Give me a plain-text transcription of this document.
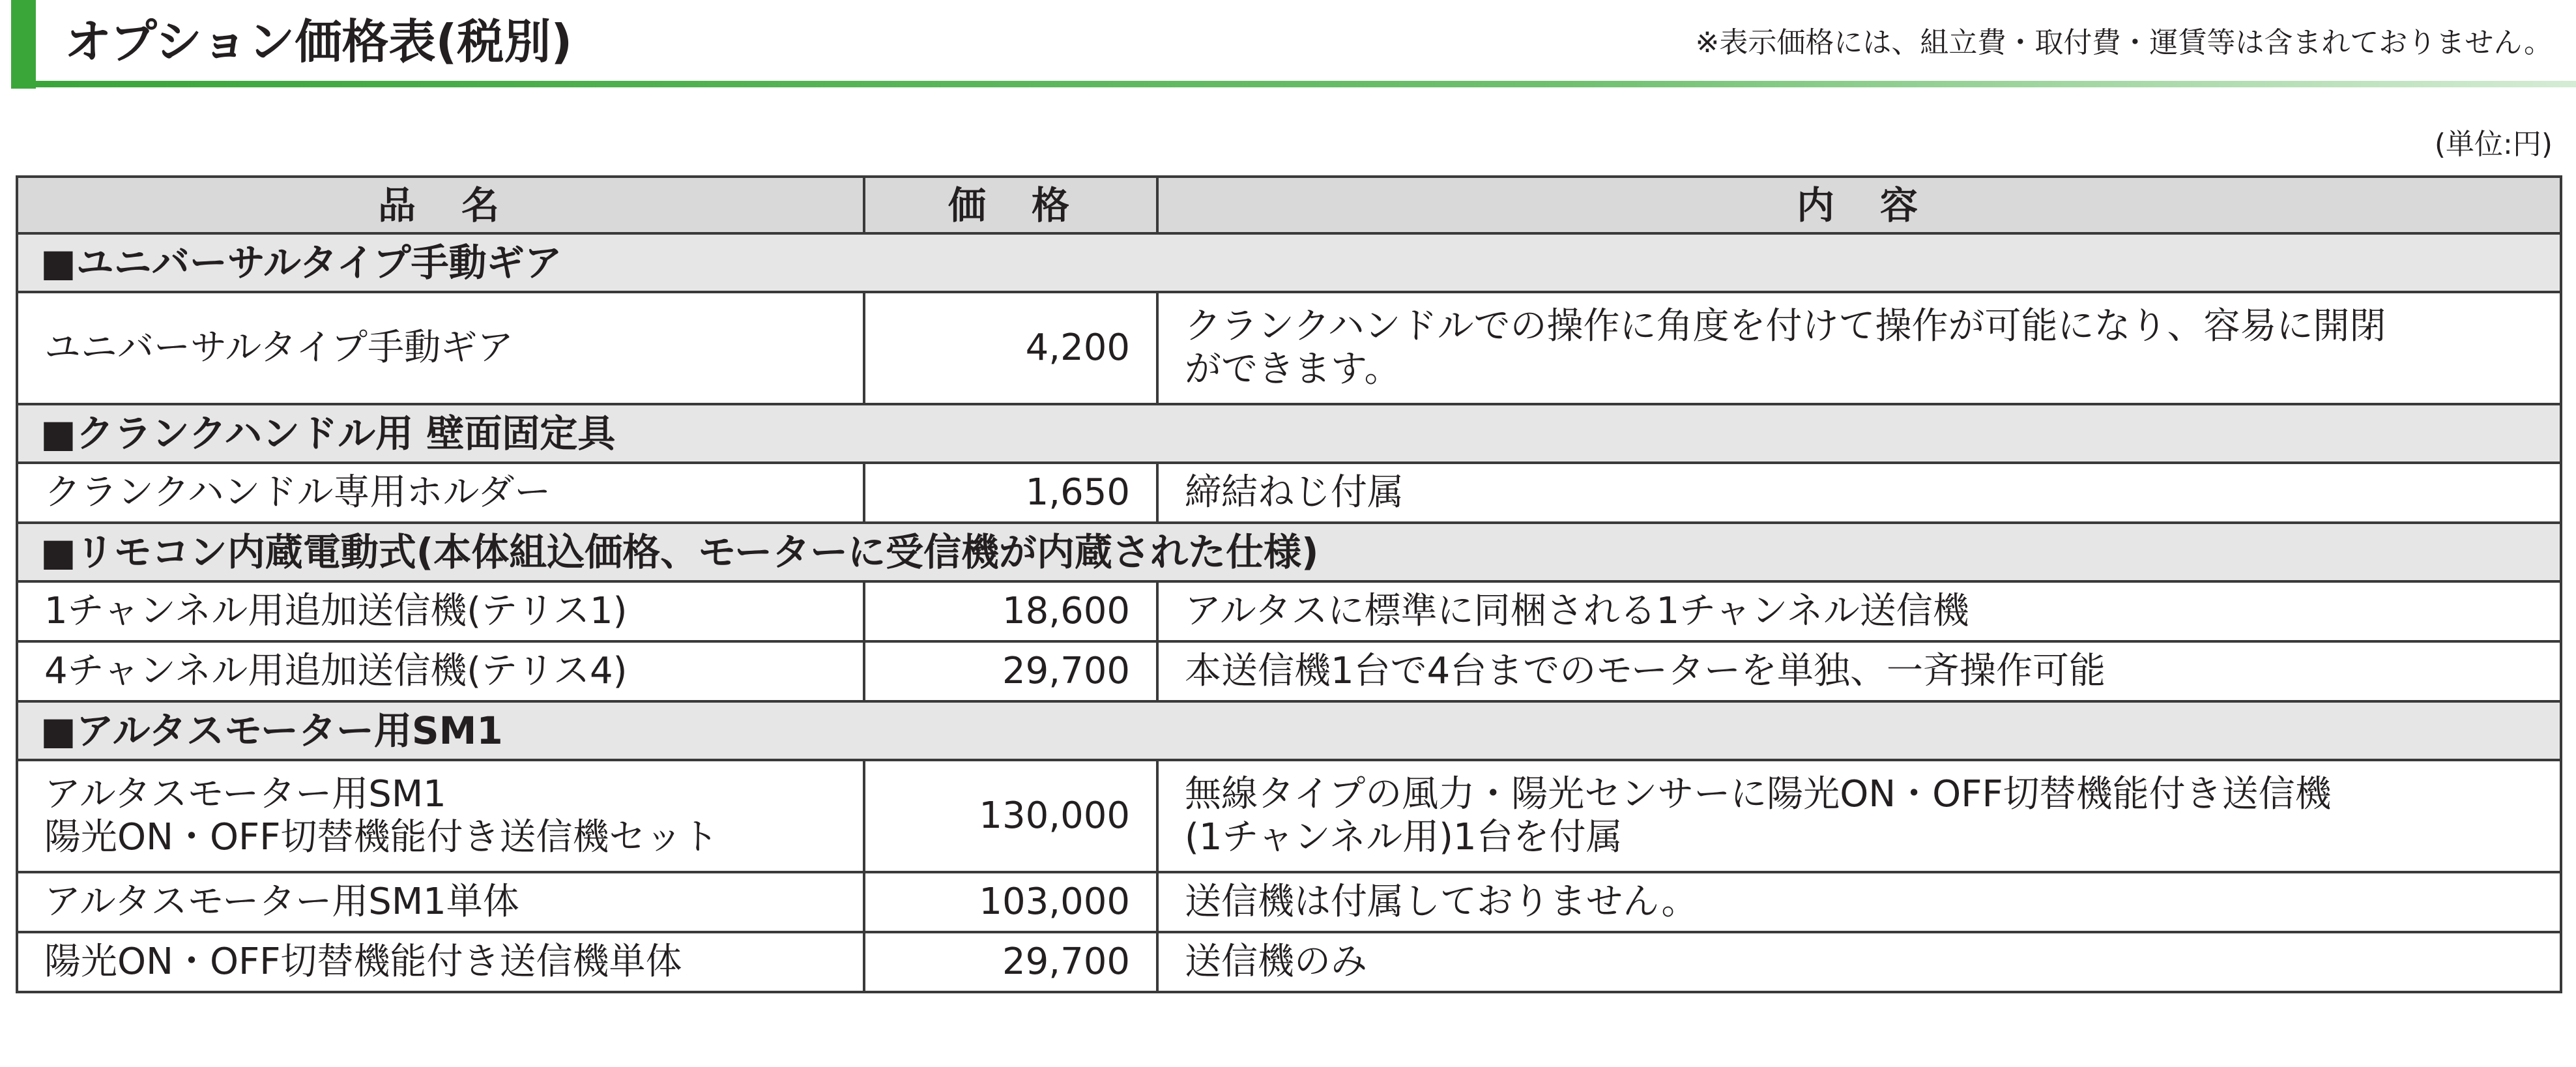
オプション価格表(税別)	※表示価格には、組立費・取付費・運賃等は含まれておりません。
(単位:円)
品　名	価　格	内　容
■ユニバーサルタイプ手動ギア		

ユニバーサルタイプ手動ギア	4,200	クランクハンドルでの操作に角度を付けて操作が可能になり、容易に開閉
ができます。

■クランクハンドル用 壁面固定具		

クランクハンドル専用ホルダー	1,650	締結ねじ付属

■リモコン内蔵電動式(本体組込価格、モーターに受信機が内蔵された仕様)		

1チャンネル用追加送信機(テリス1)	18,600	アルタスに標準に同梱される1チャンネル送信機

4チャンネル用追加送信機(テリス4)	29,700	本送信機1台で4台までのモーターを単独、一斉操作可能

■アルタスモーター用SM1		

アルタスモーター用SM1
陽光ON・OFF切替機能付き送信機セット	130,000	無線タイプの風力・陽光センサーに陽光ON・OFF切替機能付き送信機
(1チャンネル用)1台を付属

アルタスモーター用SM1単体	103,000	送信機は付属しておりません。

陽光ON・OFF切替機能付き送信機単体	29,700	送信機のみ
